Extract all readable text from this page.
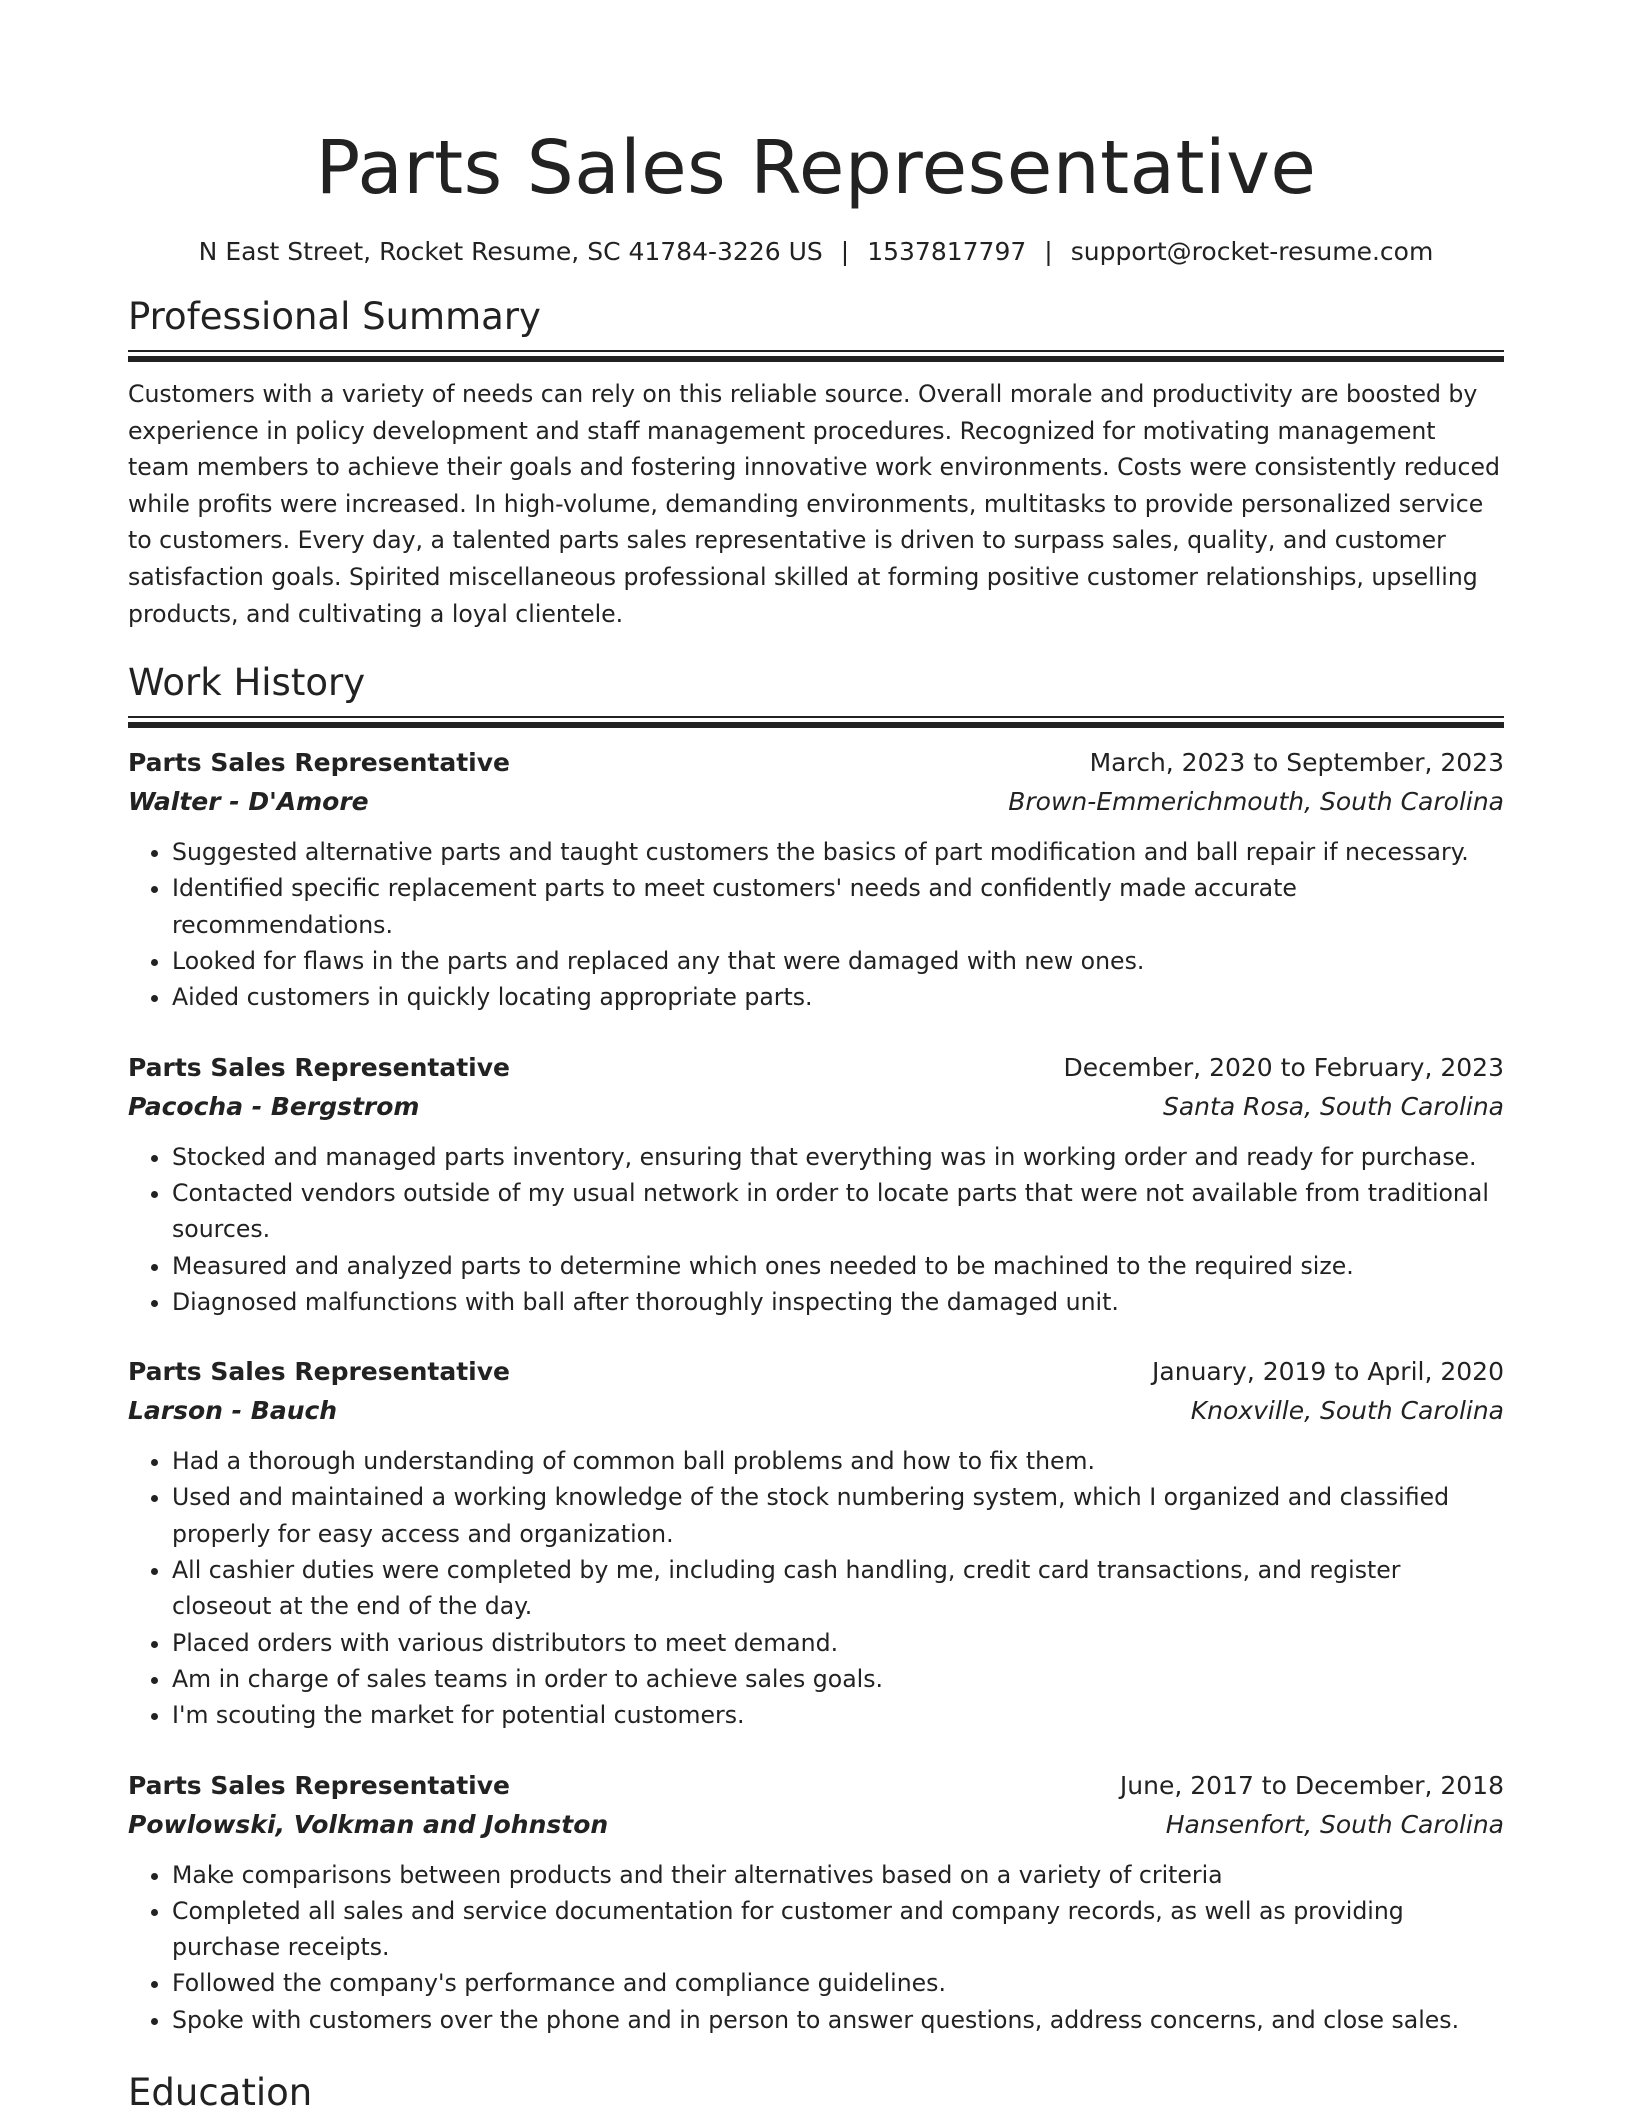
Parts Sales Representative
N East Street, Rocket Resume, SC 41784-3226 US | 1537817797 | support@rocket-resume.com
Professional Summary

Customers with a variety of needs can rely on this reliable source. Overall morale and productivity are boosted by experience in policy development and staff management procedures. Recognized for motivating management team members to achieve their goals and fostering innovative work environments. Costs were consistently reduced while profits were increased. In high-volume, demanding environments, multitasks to provide personalized service to customers. Every day, a talented parts sales representative is driven to surpass sales, quality, and customer satisfaction goals. Spirited miscellaneous professional skilled at forming positive customer relationships, upselling products, and cultivating a loyal clientele.

Work History
Parts Sales Representative	March, 2023 to September, 2023
Walter - D'Amore	Brown-Emmerichmouth, South Carolina
• Suggested alternative parts and taught customers the basics of part modification and ball repair if necessary.
• Identified specific replacement parts to meet customers' needs and confidently made accurate recommendations.
• Looked for flaws in the parts and replaced any that were damaged with new ones.
• Aided customers in quickly locating appropriate parts.
Parts Sales Representative	December, 2020 to February, 2023
Pacocha - Bergstrom	Santa Rosa, South Carolina
• Stocked and managed parts inventory, ensuring that everything was in working order and ready for purchase.
• Contacted vendors outside of my usual network in order to locate parts that were not available from traditional sources.
• Measured and analyzed parts to determine which ones needed to be machined to the required size.
• Diagnosed malfunctions with ball after thoroughly inspecting the damaged unit.
Parts Sales Representative	January, 2019 to April, 2020
Larson - Bauch	Knoxville, South Carolina
• Had a thorough understanding of common ball problems and how to fix them.
• Used and maintained a working knowledge of the stock numbering system, which I organized and classified properly for easy access and organization.
• All cashier duties were completed by me, including cash handling, credit card transactions, and register closeout at the end of the day.
• Placed orders with various distributors to meet demand.
• Am in charge of sales teams in order to achieve sales goals.
• I'm scouting the market for potential customers.
Parts Sales Representative	June, 2017 to December, 2018
Powlowski, Volkman and Johnston	Hansenfort, South Carolina
• Make comparisons between products and their alternatives based on a variety of criteria
• Completed all sales and service documentation for customer and company records, as well as providing purchase receipts.
• Followed the company's performance and compliance guidelines.
• Spoke with customers over the phone and in person to answer questions, address concerns, and close sales.
Education
